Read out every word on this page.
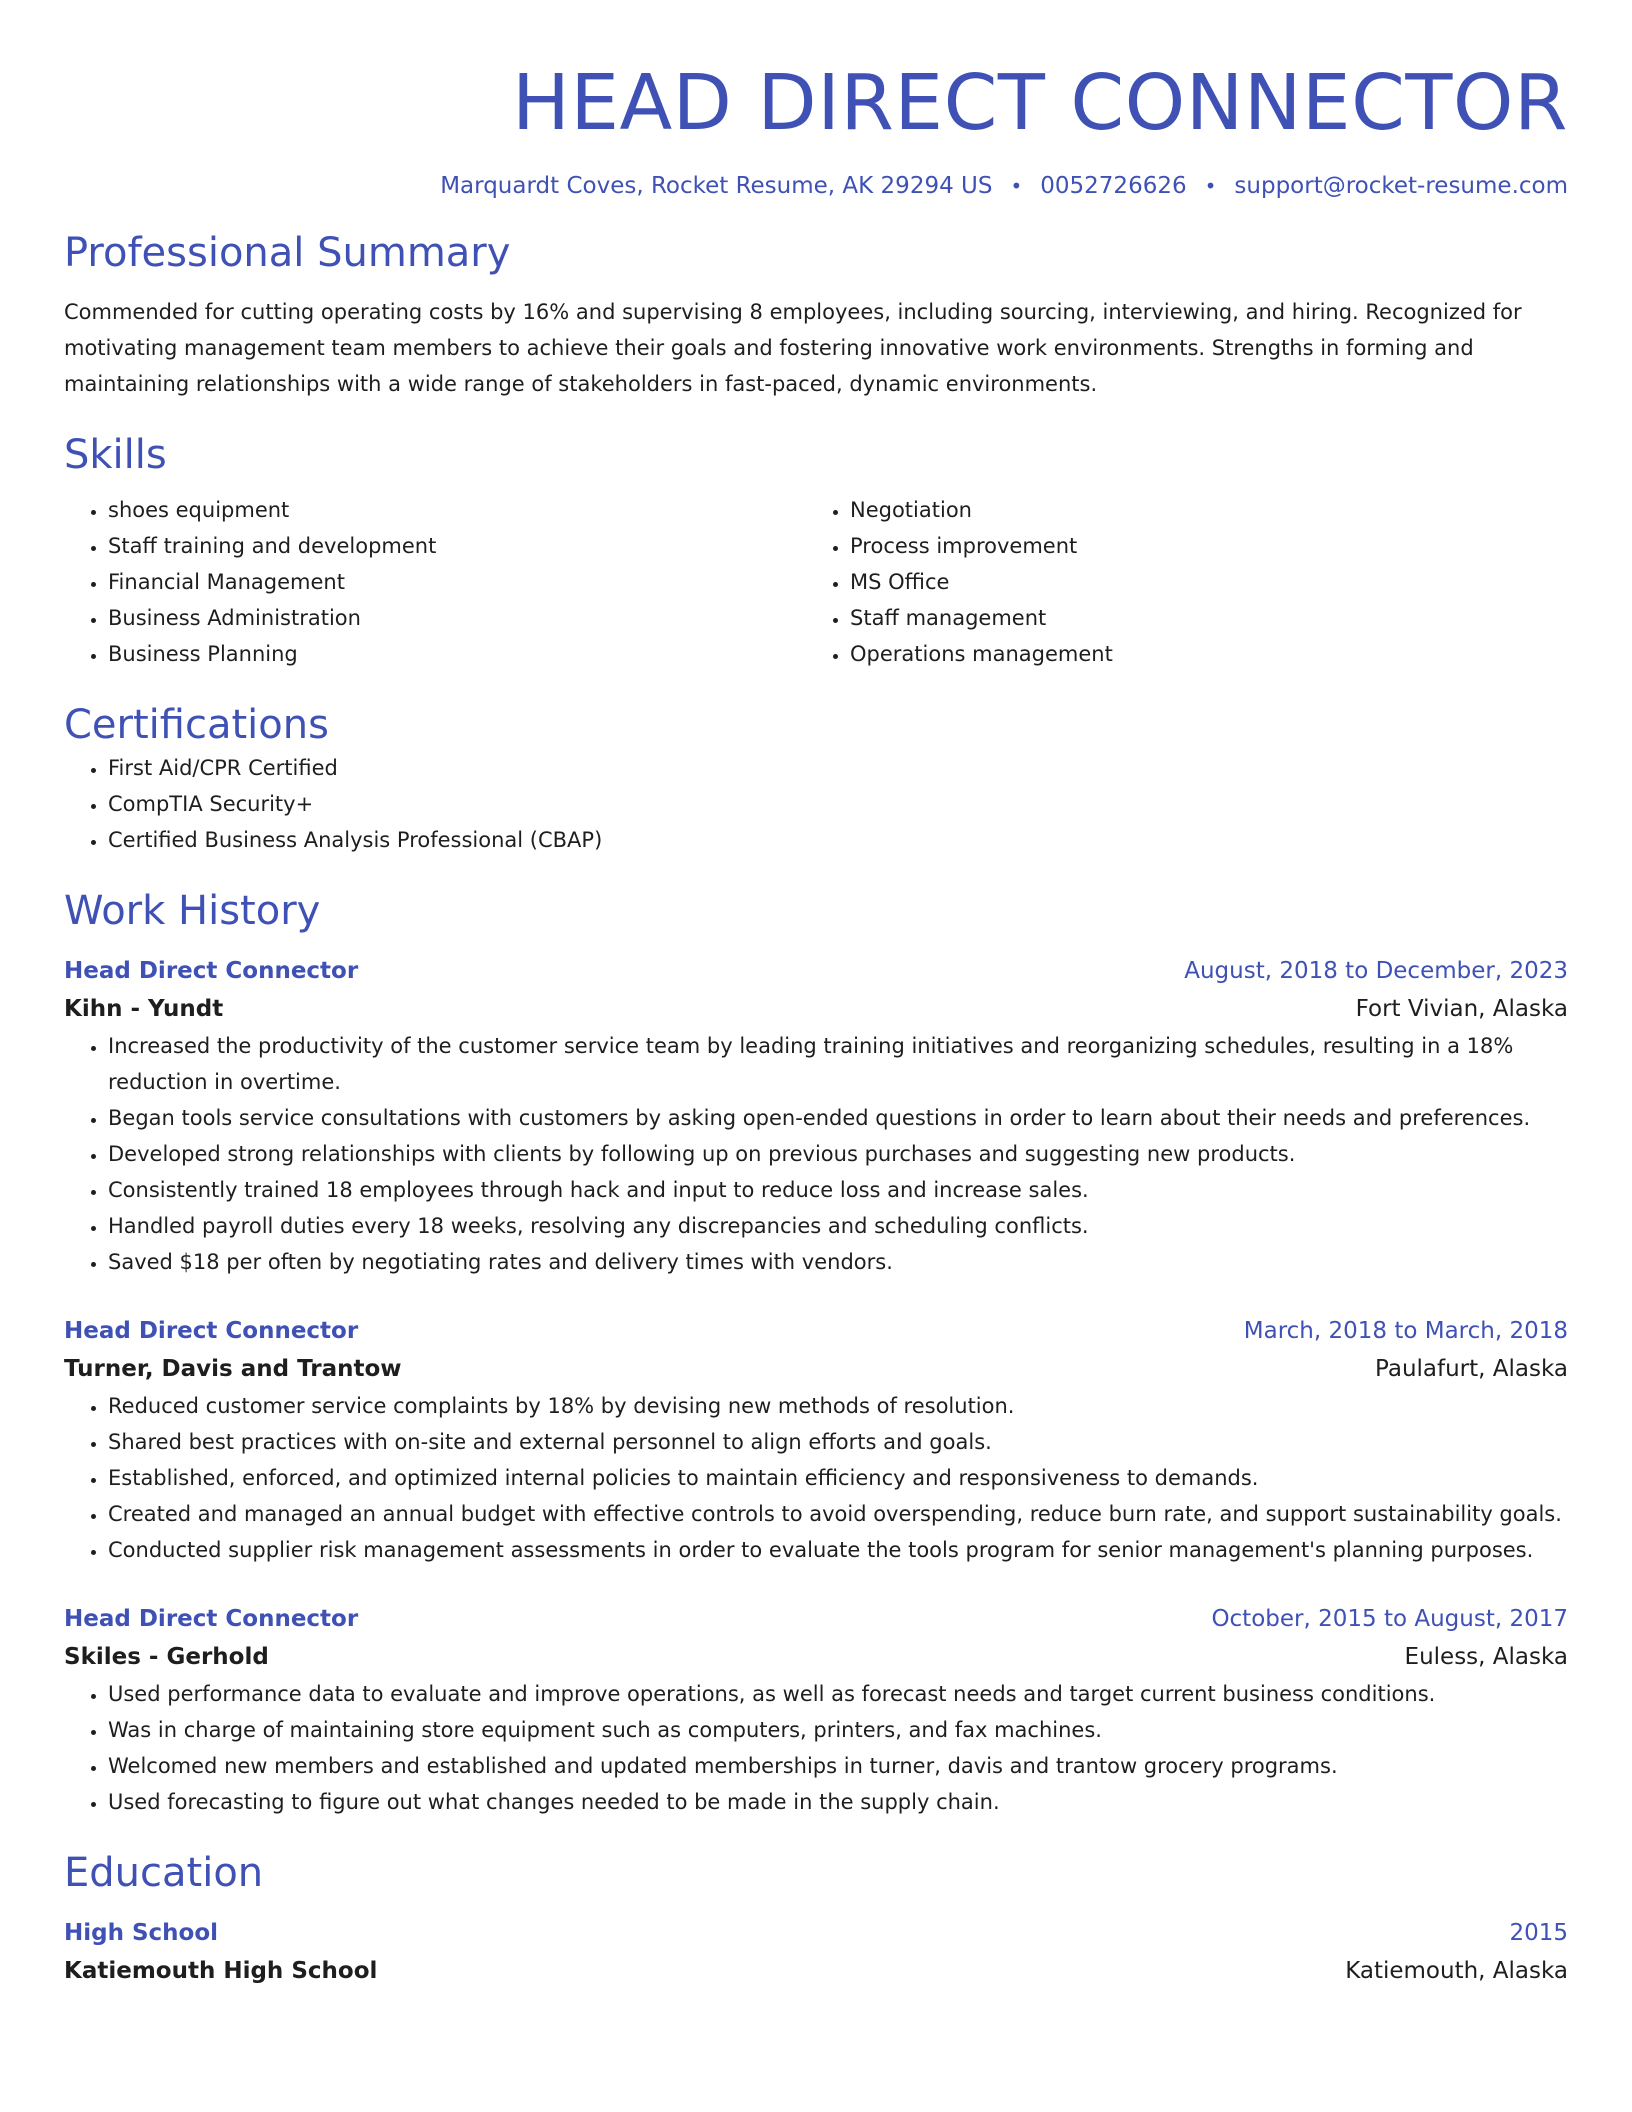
HEAD DIRECT CONNECTOR
Marquardt Coves, Rocket Resume, AK 29294 US • 0052726626 • support@rocket-resume.com
Professional Summary
Commended for cutting operating costs by 16% and supervising 8 employees, including sourcing, interviewing, and hiring. Recognized for motivating management team members to achieve their goals and fostering innovative work environments. Strengths in forming and maintaining relationships with a wide range of stakeholders in fast-paced, dynamic environments.
Skills
• shoes equipment
• Staff training and development
• Financial Management
• Business Administration
• Business Planning
• Negotiation
• Process improvement
• MS Office
• Staff management
• Operations management
Certifications
• First Aid/CPR Certified
• CompTIA Security+
• Certified Business Analysis Professional (CBAP)
Work History
Head Direct Connector	August, 2018 to December, 2023
Kihn - Yundt	Fort Vivian, Alaska
• Increased the productivity of the customer service team by leading training initiatives and reorganizing schedules, resulting in a 18% reduction in overtime.
• Began tools service consultations with customers by asking open-ended questions in order to learn about their needs and preferences.
• Developed strong relationships with clients by following up on previous purchases and suggesting new products.
• Consistently trained 18 employees through hack and input to reduce loss and increase sales.
• Handled payroll duties every 18 weeks, resolving any discrepancies and scheduling conflicts.
• Saved $18 per often by negotiating rates and delivery times with vendors.
Head Direct Connector	March, 2018 to March, 2018
Turner, Davis and Trantow	Paulafurt, Alaska
• Reduced customer service complaints by 18% by devising new methods of resolution.
• Shared best practices with on-site and external personnel to align efforts and goals.
• Established, enforced, and optimized internal policies to maintain efficiency and responsiveness to demands.
• Created and managed an annual budget with effective controls to avoid overspending, reduce burn rate, and support sustainability goals.
• Conducted supplier risk management assessments in order to evaluate the tools program for senior management's planning purposes.
Head Direct Connector	October, 2015 to August, 2017
Skiles - Gerhold	Euless, Alaska
• Used performance data to evaluate and improve operations, as well as forecast needs and target current business conditions.
• Was in charge of maintaining store equipment such as computers, printers, and fax machines.
• Welcomed new members and established and updated memberships in turner, davis and trantow grocery programs.
• Used forecasting to figure out what changes needed to be made in the supply chain.
Education
High School	2015
Katiemouth High School	Katiemouth, Alaska
